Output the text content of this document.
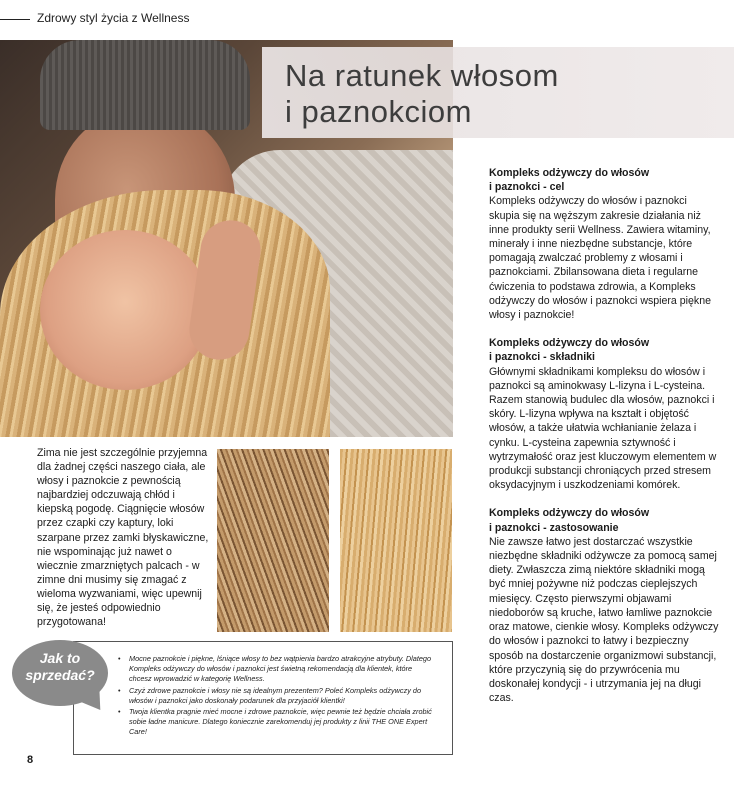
Zdrowy styl życia z Wellness
Na ratunek włosom
i paznokciom
Kompleks odżywczy do włosów
i paznokci - cel
Kompleks odżywczy do włosów i paznokci skupia się na węższym zakresie działania niż inne produkty serii Wellness. Zawiera witaminy, minerały i inne niezbędne substancje, które pomagają zwalczać problemy z włosami i paznokciami. Zbilansowana dieta i regularne ćwiczenia to podstawa zdrowia, a Kompleks odżywczy do włosów i paznokci wspiera piękne włosy i paznokcie!
Kompleks odżywczy do włosów
i paznokci - składniki
Głównymi składnikami kompleksu do włosów i paznokci są aminokwasy L-lizyna i L-cysteina. Razem stanowią budulec dla włosów, paznokci i skóry. L-lizyna wpływa na kształt i objętość włosów, a także ułatwia wchłanianie żelaza i cynku. L-cysteina zapewnia sztywność i wytrzymałość oraz jest kluczowym elementem w produkcji substancji chroniących przed stresem oksydacyjnym i uszkodzeniami komórek.
Kompleks odżywczy do włosów
i paznokci - zastosowanie
Nie zawsze łatwo jest dostarczać wszystkie niezbędne składniki odżywcze za pomocą samej diety. Zwłaszcza zimą niektóre składniki mogą być mniej pożywne niż podczas cieplejszych miesięcy. Często pierwszymi objawami niedoborów są kruche, łatwo łamliwe paznokcie oraz matowe, cienkie włosy. Kompleks odżywczy do włosów i paznokci to łatwy i bezpieczny sposób na dostarczenie organizmowi substancji, które przyczynią się do przywrócenia mu doskonałej kondycji - i utrzymania jej na długi czas.
Zima nie jest szczególnie przyjemna dla żadnej części naszego ciała, ale włosy i paznokcie z pewnością najbardziej odczuwają chłód i kiepską pogodę. Ciągnięcie włosów przez czapki czy kaptury, loki szarpane przez zamki błyskawiczne, nie wspominając już nawet o wiecznie zmarzniętych palcach - w zimne dni musimy się zmagać z wieloma wyzwaniami, więc upewnij się, że jesteś odpowiednio przygotowana!
• Mocne paznokcie i piękne, lśniące włosy to bez wątpienia bardzo atrakcyjne atrybuty. Dlatego Kompleks odżywczy do włosów i paznokci jest świetną rekomendacją dla klientek, które chcesz wprowadzić w kategorię Wellness.
• Czyż zdrowe paznokcie i włosy nie są idealnym prezentem? Poleć Kompleks odżywczy do włosów i paznokci jako doskonały podarunek dla przyjaciół klientki!
• Twoja klientka pragnie mieć mocne i zdrowe paznokcie, więc pewnie też będzie chciała zrobić sobie ładne manicure. Dlatego koniecznie zarekomenduj jej produkty z linii THE ONE Expert Care!
Jak to
sprzedać?
8
